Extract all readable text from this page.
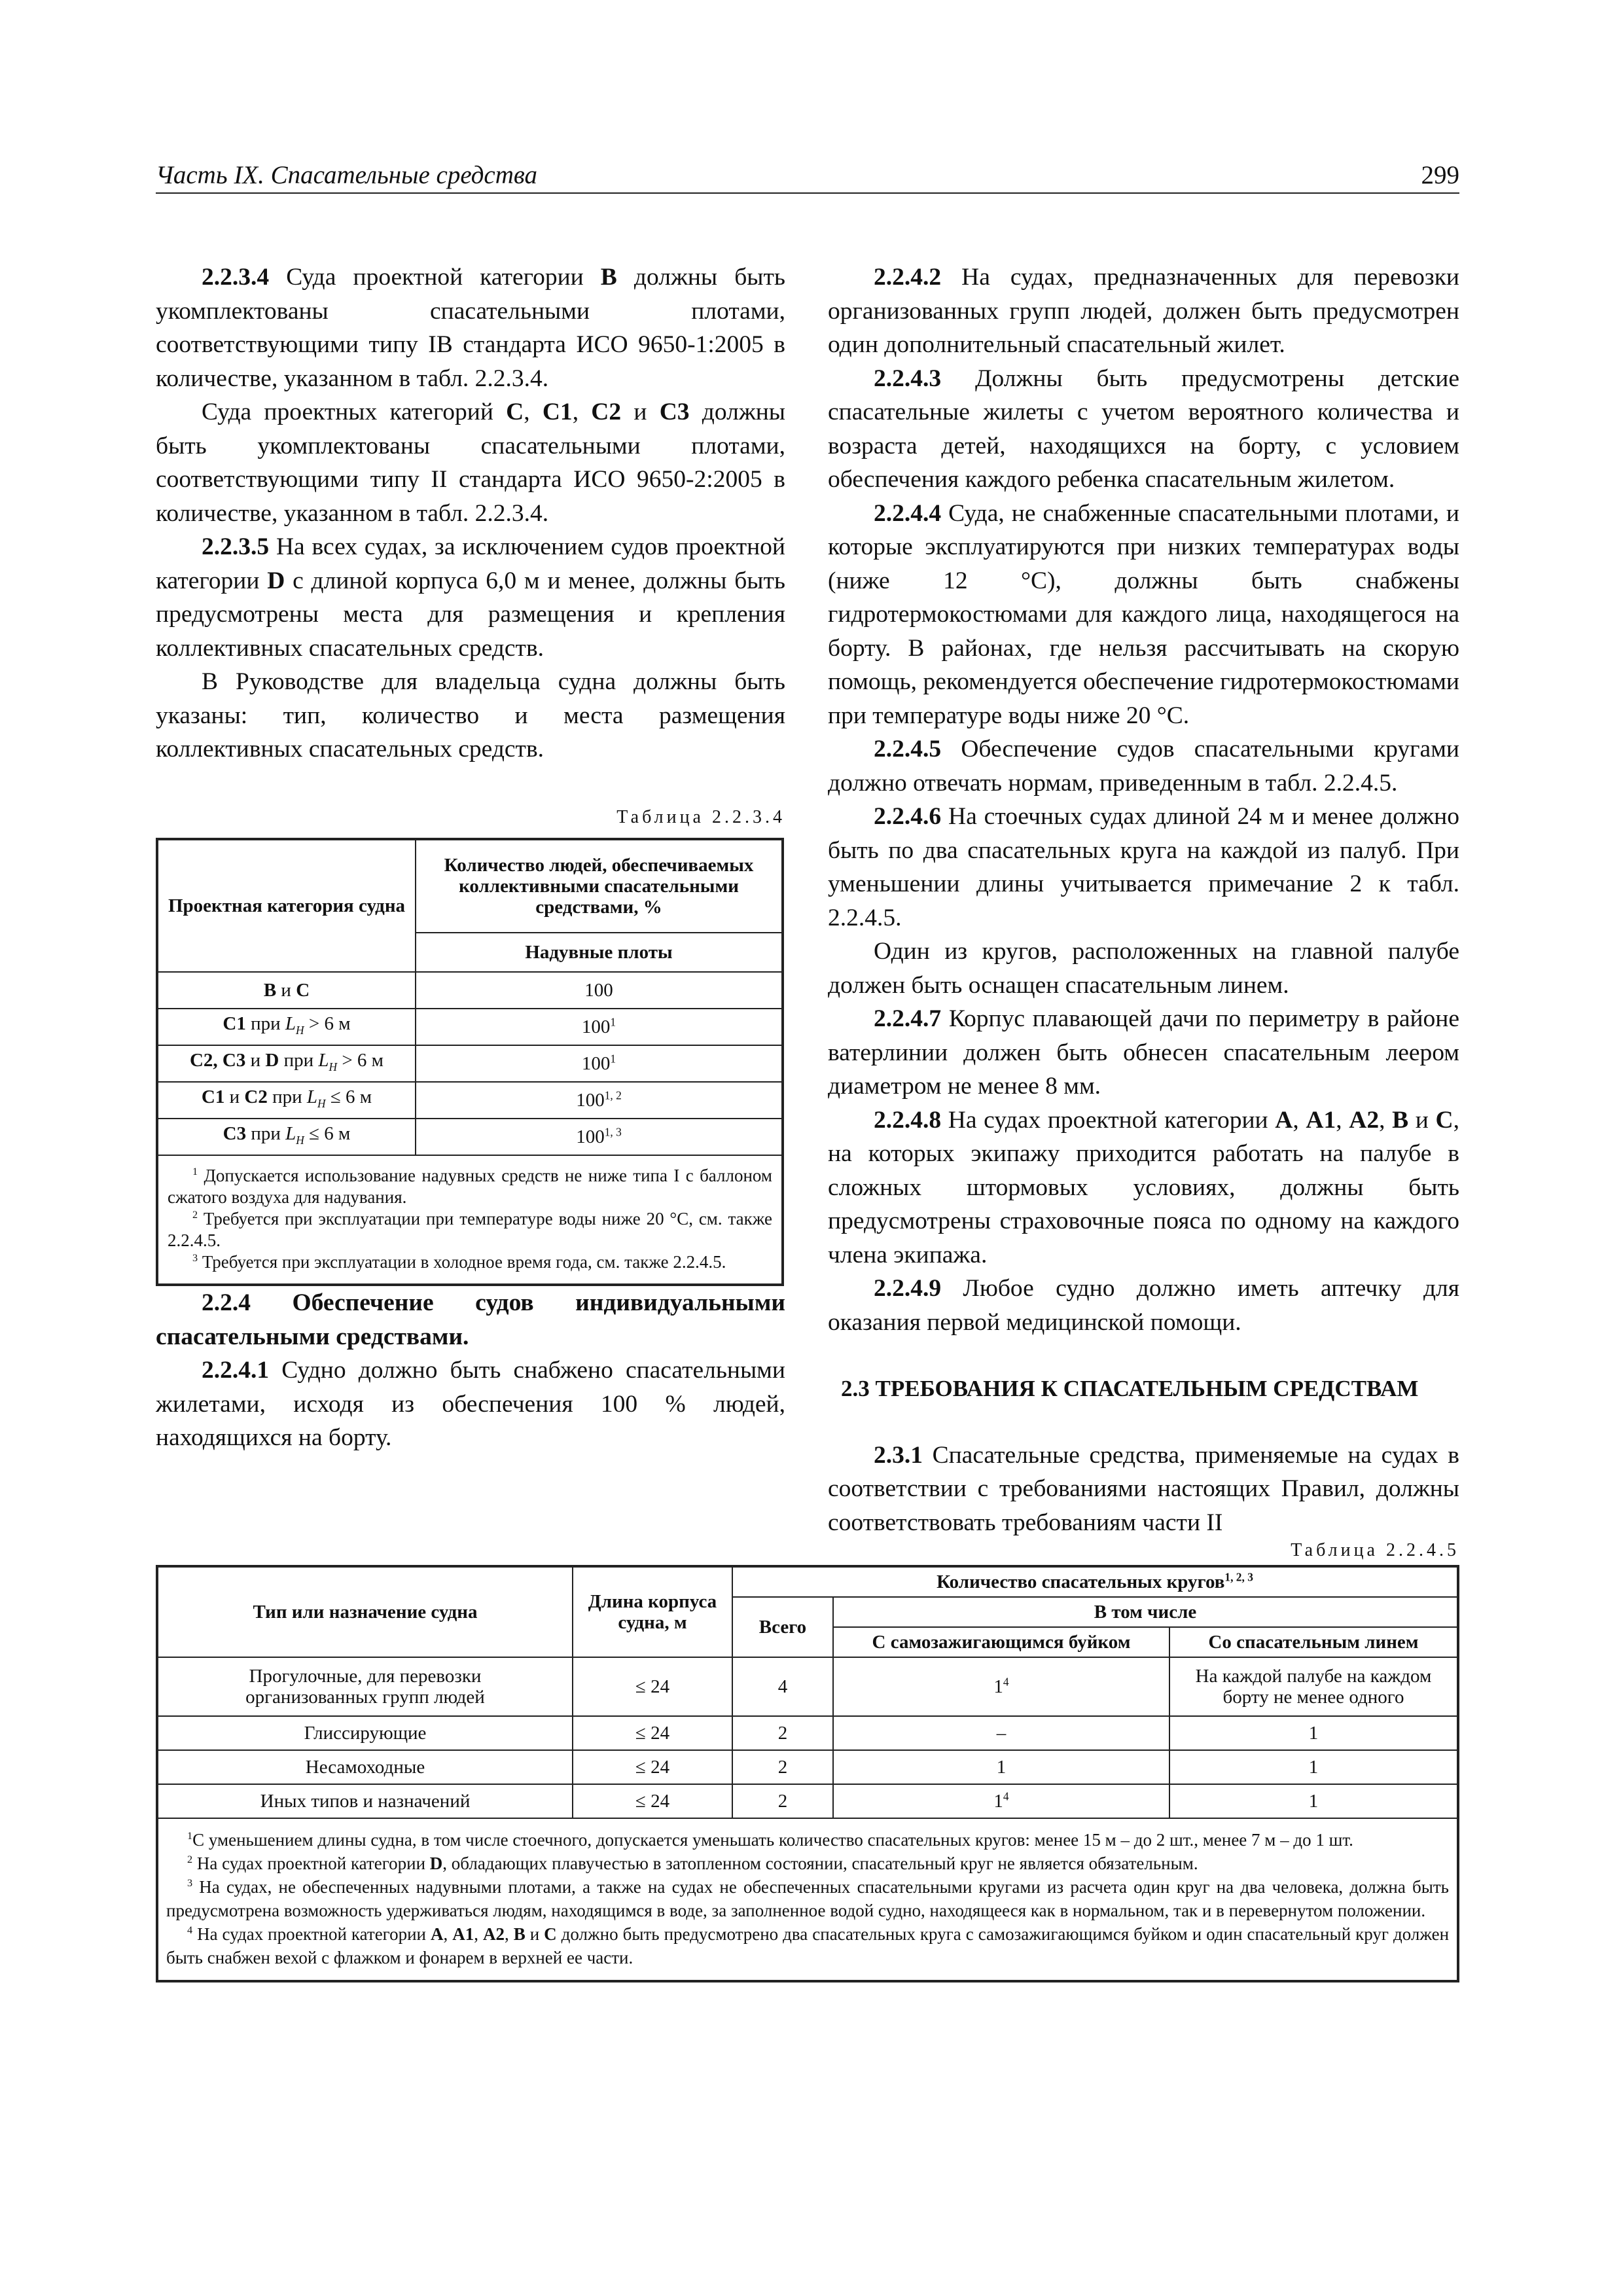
Часть IX. Спасательные средства	299

2.2.3.4 Суда проектной категории B должны быть укомплектованы спасательными плотами, соответствующими типу IB стандарта ИСО 9650-1:2005 в количестве, указанном в табл. 2.2.3.4.

Суда проектных категорий C, C1, C2 и C3 должны быть укомплектованы спасательными плотами, соответствующими типу II стандарта ИСО 9650-2:2005 в количестве, указанном в табл. 2.2.3.4.

2.2.3.5 На всех судах, за исключением судов проектной категории D с длиной корпуса 6,0 м и менее, должны быть предусмотрены места для размещения и крепления коллективных спасательных средств.

В Руководстве для владельца судна должны быть указаны: тип, количество и места размещения коллективных спасательных средств.

Таблица 2.2.3.4
Проектная категория судна	Количество людей, обеспечиваемых коллективными спасательными средствами, %
	Надувные плоты
B и C	100
C1 при $L_H > 6$ м	$100^1$
C2, C3 и D при $L_H > 6$ м	$100^1$
C1 и C2 при $L_H \le 6$ м	100$^{1, 2}$
C3 при $L_H \le 6$ м	100$^{1, 3}$

$^1$ Допускается использование надувных средств не ниже типа I с баллоном сжатого воздуха для надувания.

$^2$ Требуется при эксплуатации при температуре воды ниже 20 °С, см. также 2.2.4.5.

$^3$ Требуется при эксплуатации в холодное время года, см. также 2.2.4.5.	

2.2.4 Обеспечение судов индивидуальными спасательными средствами.

2.2.4.1 Судно должно быть снабжено спасательными жилетами, исходя из обеспечения 100 % людей, находящихся на борту.

2.2.4.2 На судах, предназначенных для перевозки организованных групп людей, должен быть предусмотрен один дополнительный спасательный жилет.

2.2.4.3 Должны быть предусмотрены детские спасательные жилеты с учетом вероятного количества и возраста детей, находящихся на борту, с условием обеспечения каждого ребенка спасательным жилетом.

2.2.4.4 Суда, не снабженные спасательными плотами, и которые эксплуатируются при низких температурах воды (ниже 12 °С), должны быть снабжены гидротермокостюмами для каждого лица, находящегося на борту. В районах, где нельзя рассчитывать на скорую помощь, рекомендуется обеспечение гидротермокостюмами при температуре воды ниже 20 °С.

2.2.4.5 Обеспечение судов спасательными кругами должно отвечать нормам, приведенным в табл. 2.2.4.5.

2.2.4.6 На стоечных судах длиной 24 м и менее должно быть по два спасательных круга на каждой из палуб. При уменьшении длины учитывается примечание 2 к табл. 2.2.4.5.

Один из кругов, расположенных на главной палубе должен быть оснащен спасательным линем.

2.2.4.7 Корпус плавающей дачи по периметру в районе ватерлинии должен быть обнесен спасательным леером диаметром не менее 8 мм.

2.2.4.8 На судах проектной категории A, A1, A2, B и C, на которых экипажу приходится работать на палубе в сложных штормовых условиях, должны быть предусмотрены страховочные пояса по одному на каждого члена экипажа.

2.2.4.9 Любое судно должно иметь аптечку для оказания первой медицинской помощи.

2.3 ТРЕБОВАНИЯ К СПАСАТЕЛЬНЫМ СРЕДСТВАМ

2.3.1 Спасательные средства, применяемые на судах в соответствии с требованиями настоящих Правил, должны соответствовать требованиям части II

Таблица 2.2.4.5
Тип или назначение судна	Длина корпуса судна, м	Количество спасательных кругов$^{1, 2, 3}$
		Всего	В том числе	
			С самозажигающимся буйком	Со спасательным линем
Прогулочные, для перевозки организованных групп людей	≤ 24	4	$1^4$	На каждой палубе на каждом борту не менее одного
Глиссирующие	≤ 24	2	–	1
Несамоходные	≤ 24	2	1	1
Иных типов и назначений	≤ 24	2	$1^4$	1

$^1$С уменьшением длины судна, в том числе стоечного, допускается уменьшать количество спасательных кругов: менее 15 м – до 2 шт., менее 7 м – до 1 шт.

$^2$ На судах проектной категории D, обладающих плавучестью в затопленном состоянии, спасательный круг не является обязательным.

$^3$ На судах, не обеспеченных надувными плотами, а также на судах не обеспеченных спасательными кругами из расчета один круг на два человека, должна быть предусмотрена возможность удерживаться людям, находящимся в воде, за заполненное водой судно, находящееся как в нормальном, так и в перевернутом положении.

$^4$ На судах проектной категории A, A1, A2, B и C должно быть предусмотрено два спасательных круга с самозажигающимся буйком и один спасательный круг должен быть снабжен вехой с флажком и фонарем в верхней ее части.				
